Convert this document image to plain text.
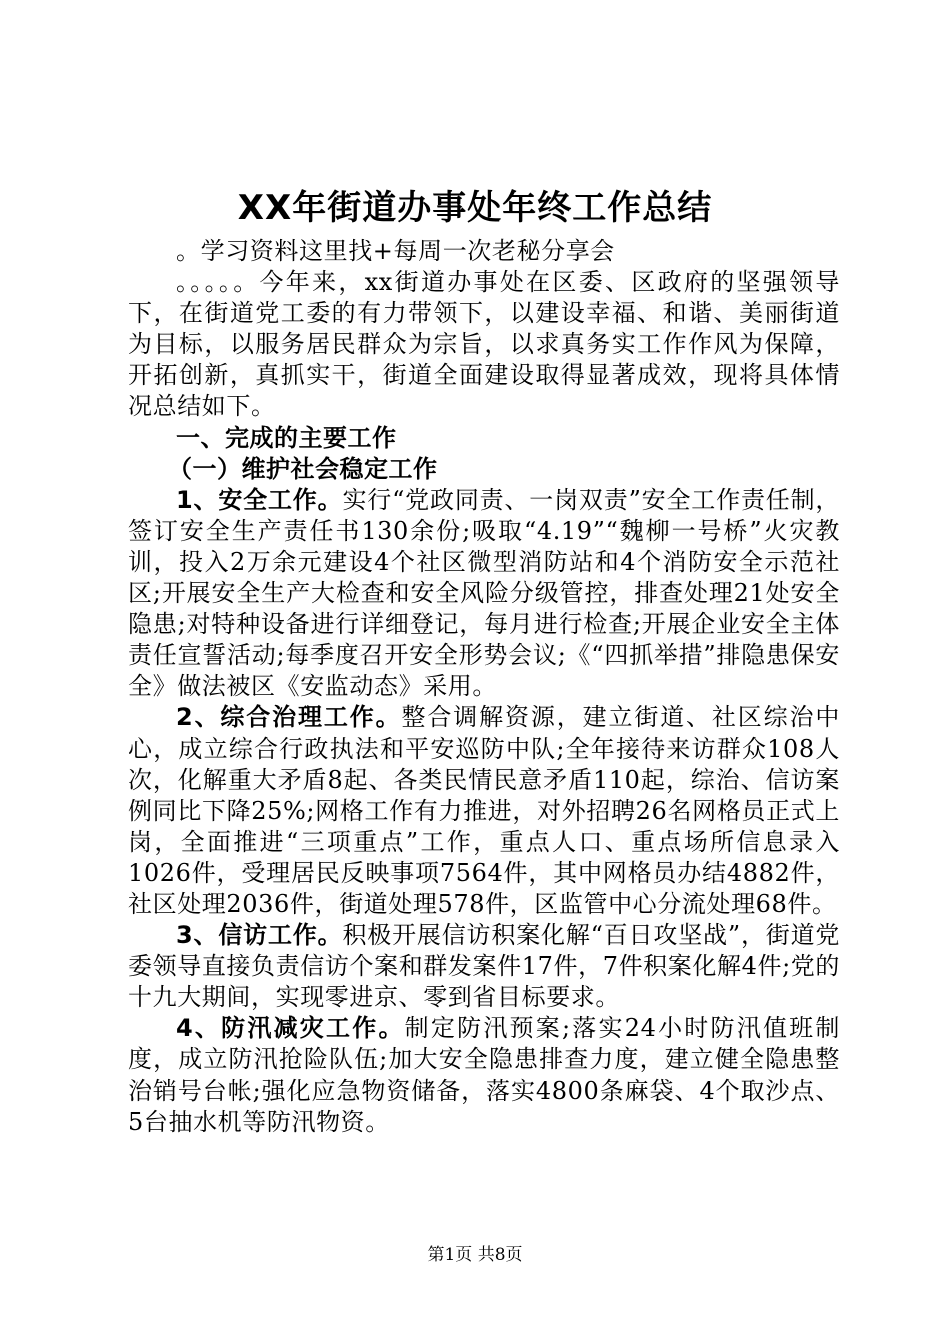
XX年街道办事处年终工作总结

。学习资料这里找+每周一次老秘分享会

。。。。。今年来，xx街道办事处在区委、区政府的坚强领导下，在街道党工委的有力带领下，以建设幸福、和谐、美丽街道为目标，以服务居民群众为宗旨，以求真务实工作作风为保障，开拓创新，真抓实干，街道全面建设取得显著成效，现将具体情况总结如下。

一、完成的主要工作

（一）维护社会稳定工作

1、安全工作。实行“党政同责、一岗双责”安全工作责任制，签订安全生产责任书130余份;吸取“4.19”“魏柳一号桥”火灾教训，投入2万余元建设4个社区微型消防站和4个消防安全示范社区;开展安全生产大检查和安全风险分级管控，排查处理21处安全隐患;对特种设备进行详细登记，每月进行检查;开展企业安全主体责任宣誓活动;每季度召开安全形势会议;《“四抓举措”排隐患保安全》做法被区《安监动态》采用。

2、综合治理工作。整合调解资源，建立街道、社区综治中心，成立综合行政执法和平安巡防中队;全年接待来访群众108人次，化解重大矛盾8起、各类民情民意矛盾110起，综治、信访案例同比下降25%;网格工作有力推进，对外招聘26名网格员正式上岗，全面推进“三项重点”工作，重点人口、重点场所信息录入1026件，受理居民反映事项7564件，其中网格员办结4882件，社区处理2036件，街道处理578件，区监管中心分流处理68件。

3、信访工作。积极开展信访积案化解“百日攻坚战”，街道党委领导直接负责信访个案和群发案件17件，7件积案化解4件;党的十九大期间，实现零进京、零到省目标要求。

4、防汛减灾工作。制定防汛预案;落实24小时防汛值班制度，成立防汛抢险队伍;加大安全隐患排查力度，建立健全隐患整治销号台帐;强化应急物资储备，落实4800条麻袋、4个取沙点、5台抽水机等防汛物资。

第1页 共8页
